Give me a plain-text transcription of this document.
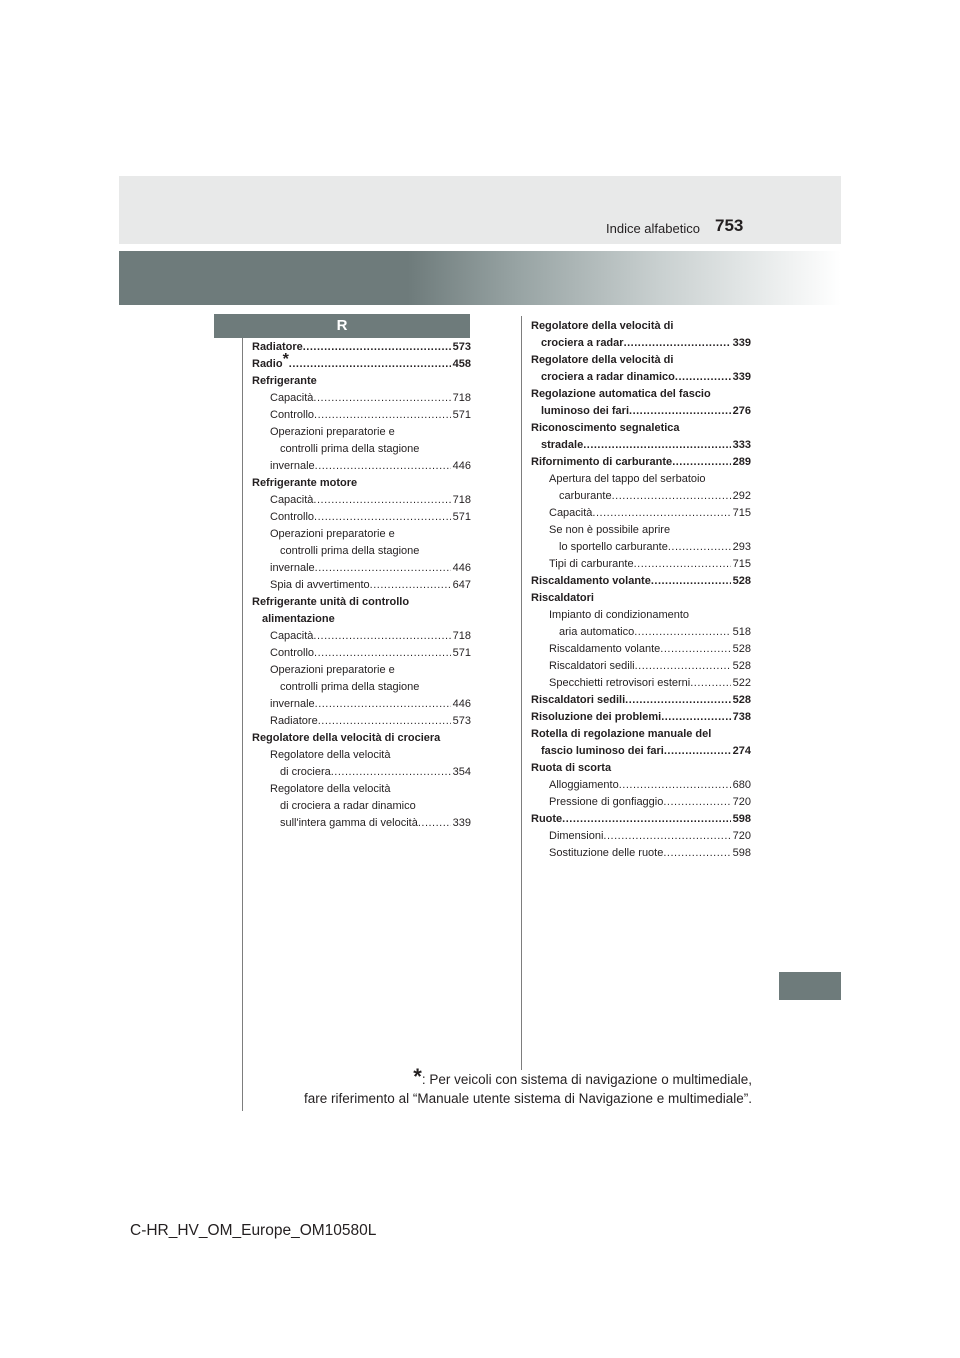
753
Indice alfabetico
R
Radiatore .....	573
Radio* .....	458
Refrigerante
Capacità .....	718
Controllo .....	571
Operazioni preparatorie e
controlli prima della stagione
invernale .....	446
Refrigerante motore
Capacità .....	718
Controllo .....	571
Operazioni preparatorie e
controlli prima della stagione
invernale .....	446
Spia di avvertimento .....	647
Refrigerante unità di controllo
alimentazione
Capacità .....	718
Controllo .....	571
Operazioni preparatorie e
controlli prima della stagione
invernale .....	446
Radiatore .....	573
Regolatore della velocità di crociera
Regolatore della velocità
di crociera .....	354
Regolatore della velocità
di crociera a radar dinamico
sull'intera gamma di velocità .....	339
Regolatore della velocità di
crociera a radar .....	339
Regolatore della velocità di
crociera a radar dinamico .....	339
Regolazione automatica del fascio
luminoso dei fari .....	276
Riconoscimento segnaletica
stradale .....	333
Rifornimento di carburante .....	289
Apertura del tappo del serbatoio
carburante .....	292
Capacità .....	715
Se non è possibile aprire
lo sportello carburante .....	293
Tipi di carburante .....	715
Riscaldamento volante .....	528
Riscaldatori
Impianto di condizionamento
aria automatico .....	518
Riscaldamento volante .....	528
Riscaldatori sedili .....	528
Specchietti retrovisori esterni .....	522
Riscaldatori sedili .....	528
Risoluzione dei problemi .....	738
Rotella di regolazione manuale del
fascio luminoso dei fari .....	274
Ruota di scorta
Alloggiamento .....	680
Pressione di gonfiaggio .....	720
Ruote .....	598
Dimensioni .....	720
Sostituzione delle ruote .....	598
*: Per veicoli con sistema di navigazione o multimediale,
fare riferimento al “Manuale utente sistema di Navigazione e multimediale”.
C-HR_HV_OM_Europe_OM10580L
